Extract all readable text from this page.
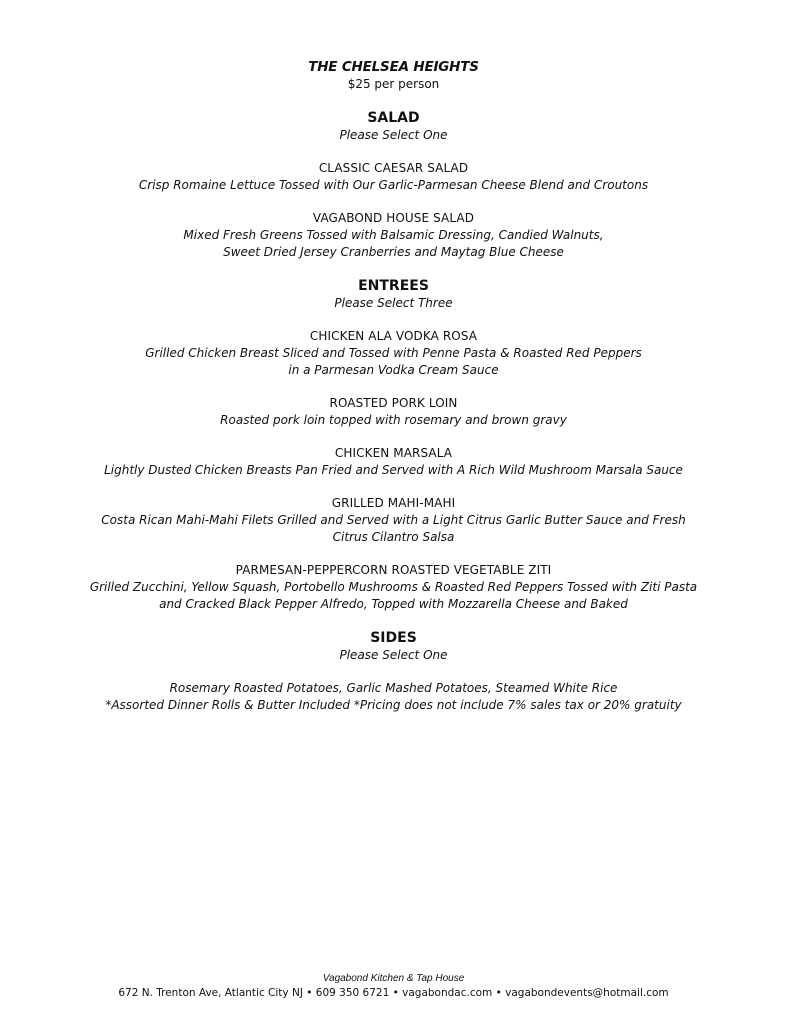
THE CHELSEA HEIGHTS

$25 per person

SALAD

Please Select One

CLASSIC CAESAR SALAD

Crisp Romaine Lettuce Tossed with Our Garlic-Parmesan Cheese Blend and Croutons

VAGABOND HOUSE SALAD

Mixed Fresh Greens Tossed with Balsamic Dressing, Candied Walnuts,

Sweet Dried Jersey Cranberries and Maytag Blue Cheese

ENTREES

Please Select Three

CHICKEN ALA VODKA ROSA

Grilled Chicken Breast Sliced and Tossed with Penne Pasta & Roasted Red Peppers

in a Parmesan Vodka Cream Sauce

ROASTED PORK LOIN

Roasted pork loin topped with rosemary and brown gravy

CHICKEN MARSALA

Lightly Dusted Chicken Breasts Pan Fried and Served with A Rich Wild Mushroom Marsala Sauce

GRILLED MAHI-MAHI

Costa Rican Mahi-Mahi Filets Grilled and Served with a Light Citrus Garlic Butter Sauce and Fresh

Citrus Cilantro Salsa

PARMESAN-PEPPERCORN ROASTED VEGETABLE ZITI

Grilled Zucchini, Yellow Squash, Portobello Mushrooms & Roasted Red Peppers Tossed with Ziti Pasta

and Cracked Black Pepper Alfredo, Topped with Mozzarella Cheese and Baked

SIDES

Please Select One

Rosemary Roasted Potatoes, Garlic Mashed Potatoes, Steamed White Rice

*Assorted Dinner Rolls & Butter Included *Pricing does not include 7% sales tax or 20% gratuity

Vagabond Kitchen & Tap House

672 N. Trenton Ave, Atlantic City NJ • 609 350 6721 • vagabondac.com • vagabondevents@hotmail.com
